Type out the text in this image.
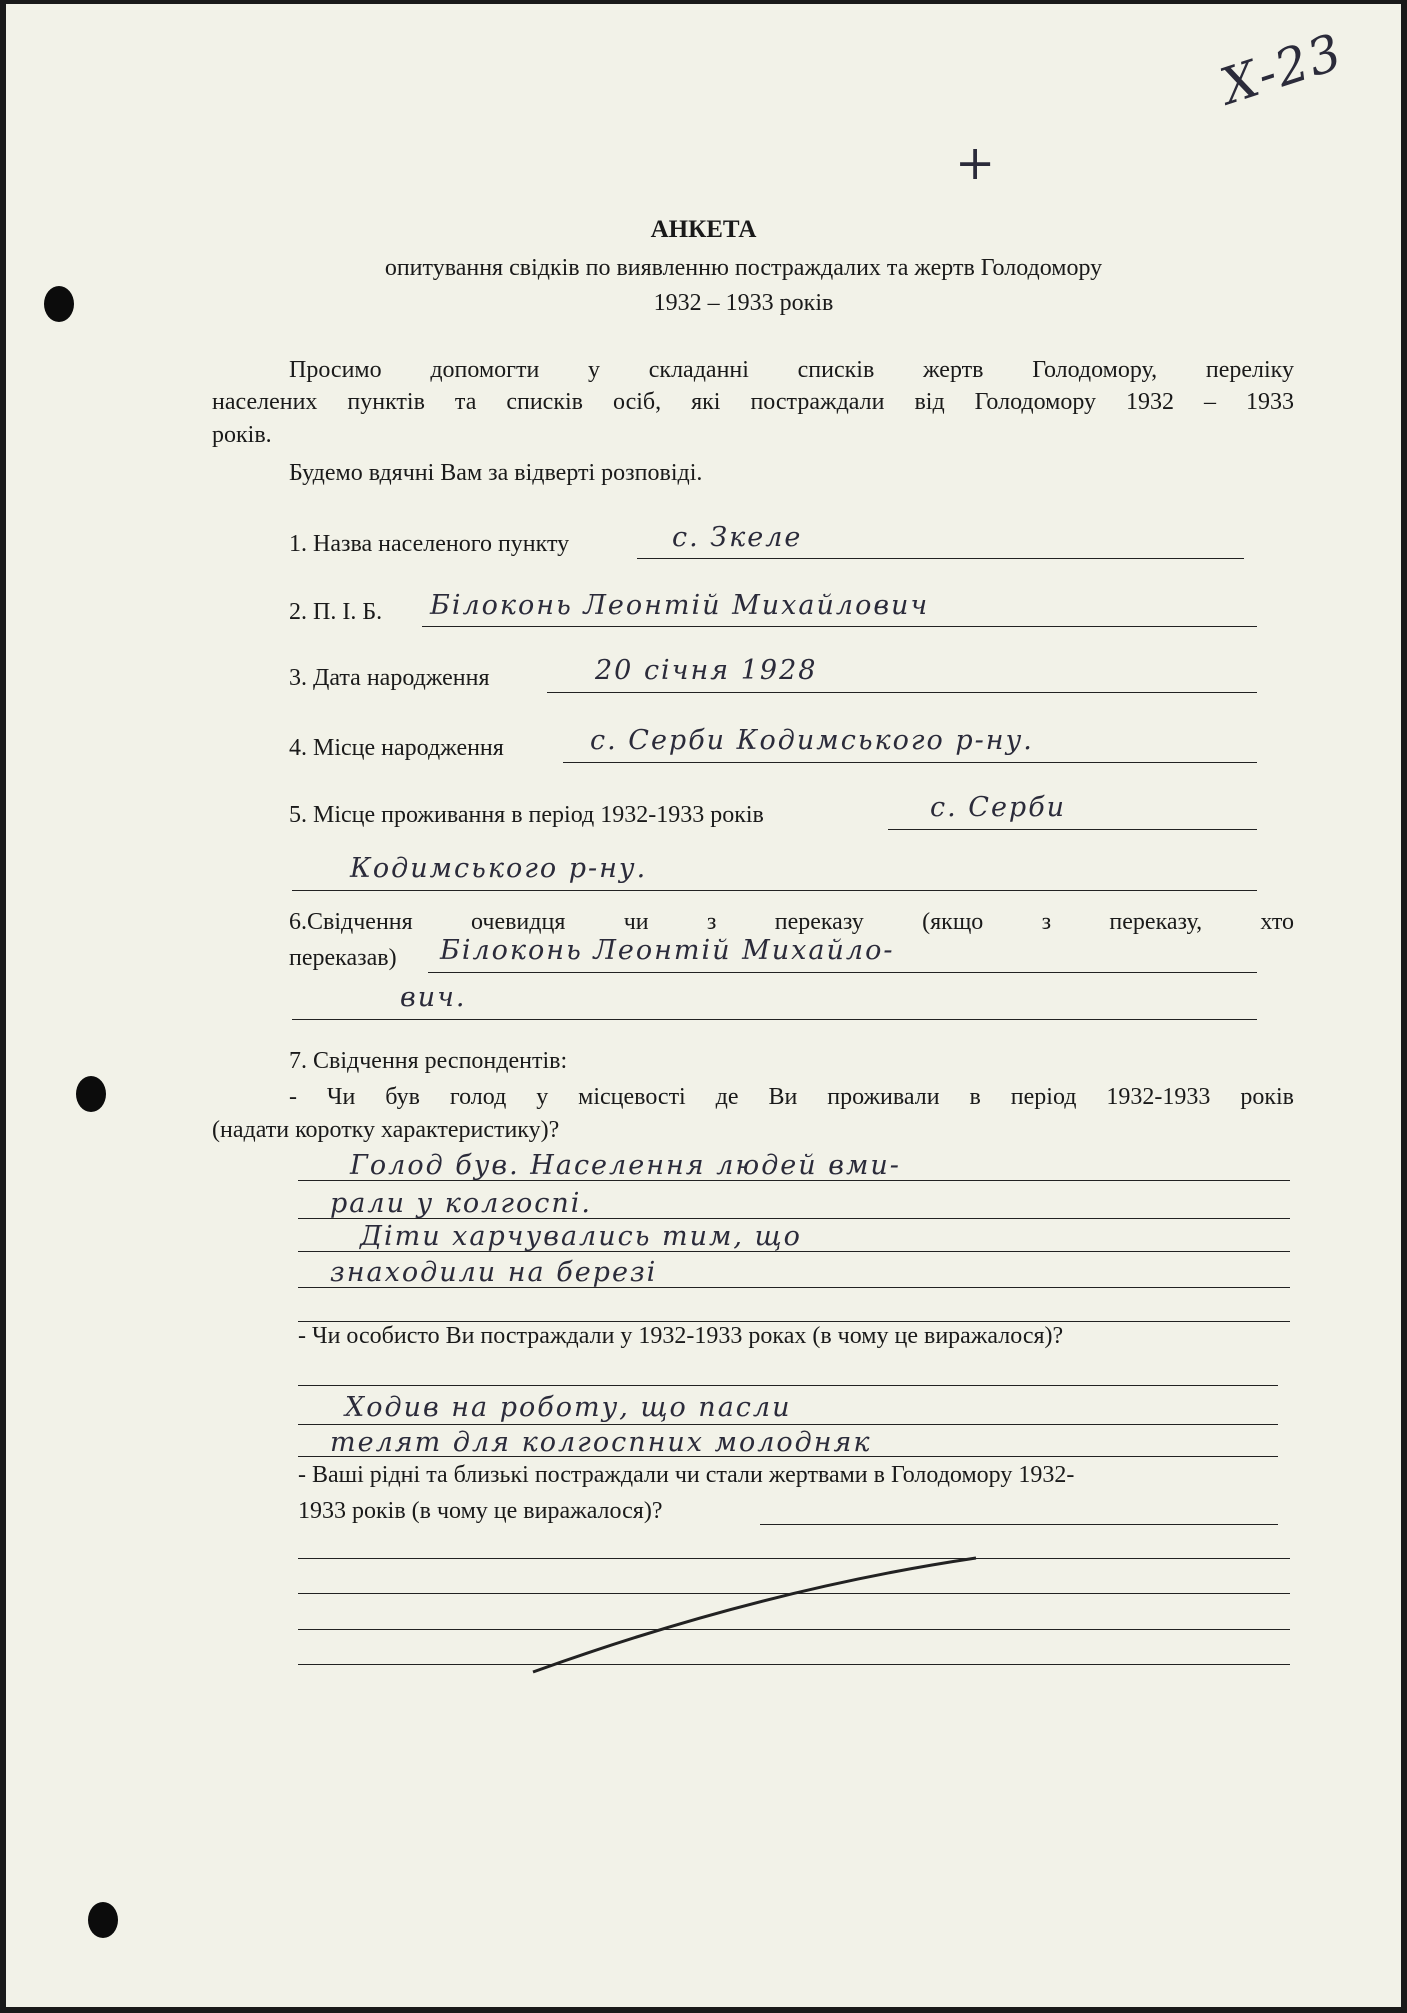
Х-23
+
АНКЕТА
опитування свідків по виявленню постраждалих та жертв Голодомору
1932 – 1933 років
Просимо допомогти у складанні списків жертв Голодомору, переліку
населених пунктів та списків осіб, які постраждали від Голодомору 1932 – 1933
років.
Будемо вдячні Вам за відверті розповіді.
1. Назва населеного пункту	с. Зкеле
2. П. І. Б. Білоконь Леонтій Михайлович
3. Дата народження	20 січня 1928
4. Місце народження	с. Серби Кодимського р-ну.
5. Місце проживання в період 1932-1933 років	с. Серби
Кодимського р-ну.
6.Свідчення очевидця чи з переказу (якщо з переказу, хто
переказав) Білоконь Леонтій Михайло-
вич.
7. Свідчення респондентів:
- Чи був голод у місцевості де Ви проживали в період 1932-1933 років
(надати коротку характеристику)?
Голод був. Населення людей вми-
рали у колгоспі.
Діти харчувались тим, що
знаходили на березі
- Чи особисто Ви постраждали у 1932-1933 роках (в чому це виражалося)?
Ходив на роботу, що пасли
телят для колгоспних молодняк
- Ваші рідні та близькі постраждали чи стали жертвами в Голодомору 1932-
1933 років (в чому це виражалося)?
